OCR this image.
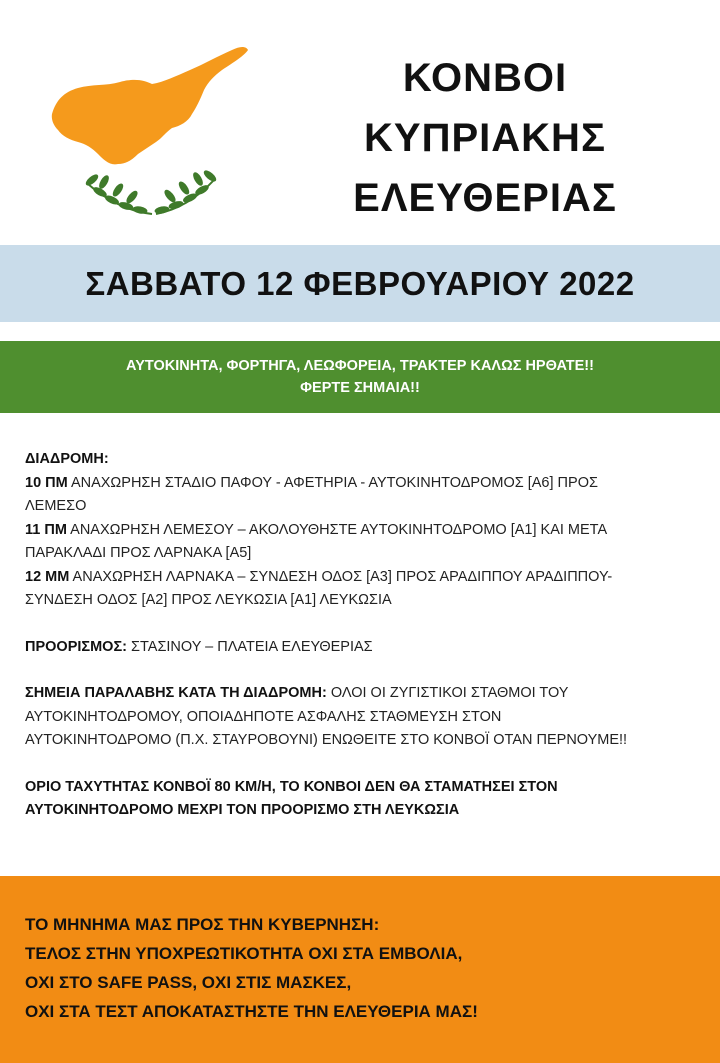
ΚΟΝΒΟΙ
ΚΥΠΡΙΑΚΗΣ
ΕΛΕΥΘΕΡΙΑΣ
ΣΑΒΒΑΤΟ 12 ΦΕΒΡΟΥΑΡΙΟΥ 2022
ΑΥΤΟΚΙΝΗΤΑ, ΦΟΡΤΗΓΑ, ΛΕΩΦΟΡΕΙΑ, ΤΡΑΚΤΕΡ ΚΑΛΩΣ ΗΡΘΑΤΕ!!
ΦΕΡΤΕ ΣΗΜΑΙΑ!!
ΔΙΑΔΡΟΜΗ:
10 ΠΜ ΑΝΑΧΩΡΗΣΗ ΣΤΑΔΙΟ ΠΑΦΟΥ - ΑΦΕΤΗΡΙΑ - ΑΥΤΟΚΙΝΗΤΟΔΡΟΜΟΣ [Α6] ΠΡΟΣ
ΛΕΜΕΣΟ
11 ΠΜ ΑΝΑΧΩΡΗΣΗ ΛΕΜΕΣΟΥ – ΑΚΟΛΟΥΘΗΣΤΕ ΑΥΤΟΚΙΝΗΤΟΔΡΟΜΟ [Α1] ΚΑΙ ΜΕΤΑ
ΠΑΡΑΚΛΑΔΙ ΠΡΟΣ ΛΑΡΝΑΚΑ [Α5]
12 ΜΜ ΑΝΑΧΩΡΗΣΗ ΛΑΡΝΑΚΑ – ΣΥΝΔΕΣΗ ΟΔΟΣ [Α3] ΠΡΟΣ ΑΡΑΔΙΠΠΟΥ ΑΡΑΔΙΠΠΟΥ-
ΣΥΝΔΕΣΗ ΟΔΟΣ [Α2] ΠΡΟΣ ΛΕΥΚΩΣΙΑ [Α1] ΛΕΥΚΩΣΙΑ
ΠΡΟΟΡΙΣΜΟΣ: ΣΤΑΣΙΝΟΥ – ΠΛΑΤΕΙΑ ΕΛΕΥΘΕΡΙΑΣ
ΣΗΜΕΙΑ ΠΑΡΑΛΑΒΗΣ ΚΑΤΑ ΤΗ ΔΙΑΔΡΟΜΗ: ΟΛΟΙ ΟΙ ΖΥΓΙΣΤΙΚΟΙ ΣΤΑΘΜΟΙ ΤΟΥ
ΑΥΤΟΚΙΝΗΤΟΔΡΟΜΟΥ, ΟΠΟΙΑΔΗΠΟΤΕ ΑΣΦΑΛΗΣ ΣΤΑΘΜΕΥΣΗ ΣΤΟΝ
ΑΥΤΟΚΙΝΗΤΟΔΡΟΜΟ (Π.Χ. ΣΤΑΥΡΟΒΟΥΝΙ) ΕΝΩΘΕΙΤΕ ΣΤΟ ΚΟΝΒΟΪ ΟΤΑΝ ΠΕΡΝΟΥΜΕ!!
ΟΡΙΟ ΤΑΧΥΤΗΤΑΣ ΚΟΝΒΟΪ 80 ΚΜ/Η, ΤΟ ΚΟΝΒΟΙ ΔΕΝ ΘΑ ΣΤΑΜΑΤΗΣΕΙ ΣΤΟΝ
ΑΥΤΟΚΙΝΗΤΟΔΡΟΜΟ ΜΕΧΡΙ ΤΟΝ ΠΡΟΟΡΙΣΜΟ ΣΤΗ ΛΕΥΚΩΣΙΑ
ΤΟ ΜΗΝΗΜΑ ΜΑΣ ΠΡΟΣ ΤΗΝ ΚΥΒΕΡΝΗΣΗ:
ΤΕΛΟΣ ΣΤΗΝ ΥΠΟΧΡΕΩΤΙΚΟΤΗΤΑ ΟΧΙ ΣΤΑ ΕΜΒΟΛΙΑ,
ΟΧΙ ΣΤΟ SAFE PASS, ΟΧΙ ΣΤΙΣ ΜΑΣΚΕΣ,
ΟΧΙ ΣΤΑ ΤΕΣΤ ΑΠΟΚΑΤΑΣΤΗΣΤΕ ΤΗΝ ΕΛΕΥΘΕΡΙΑ ΜΑΣ!
